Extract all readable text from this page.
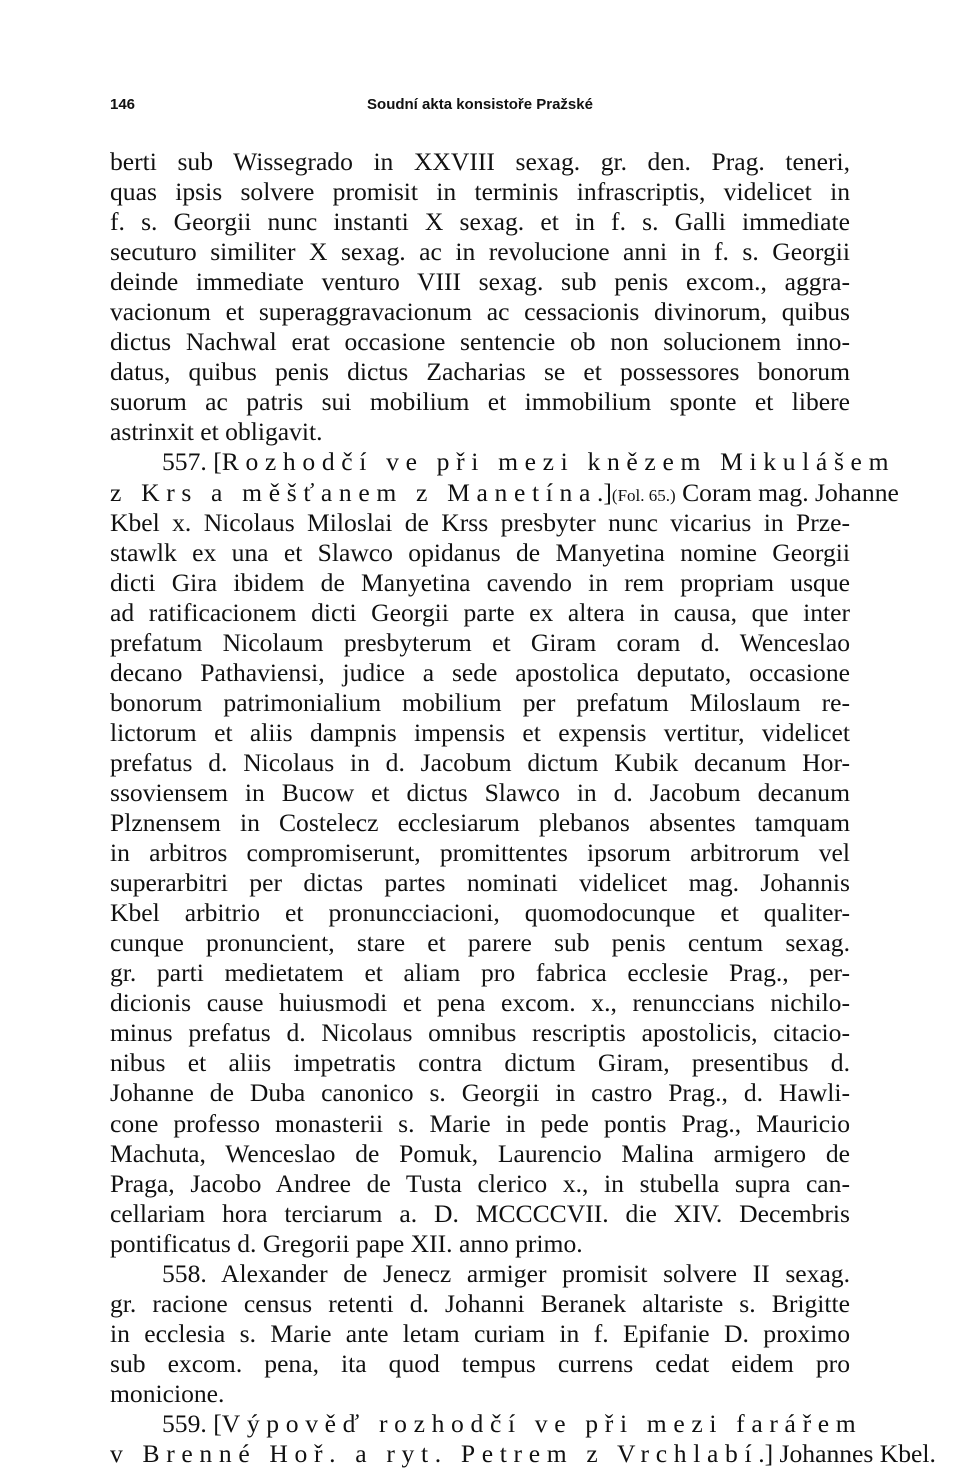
146	Soudní akta konsistoře Pražské
berti sub Wissegrado in XXVIII sexag. gr. den. Prag. teneri,
quas ipsis solvere promisit in terminis infrascriptis, videlicet in
f. s. Georgii nunc instanti X sexag. et in f. s. Galli immediate
secuturo similiter X sexag. ac in revolucione anni in f. s. Georgii
deinde immediate venturo VIII sexag. sub penis excom., aggra-
vacionum et superaggravacionum ac cessacionis divinorum, quibus
dictus Nachwal erat occasione sentencie ob non solucionem inno-
datus, quibus penis dictus Zacharias se et possessores bonorum
suorum ac patris sui mobilium et immobilium sponte et libere
astrinxit et obligavit.
557. [Rozhodčí ve při mezi knězem Mikulášem
z Krs a měšťanem z Manetína.](Fol. 65.) Coram mag. Johanne
Kbel x. Nicolaus Miloslai de Krss presbyter nunc vicarius in Prze-
stawlk ex una et Slawco opidanus de Manyetina nomine Georgii
dicti Gira ibidem de Manyetina cavendo in rem propriam usque
ad ratificacionem dicti Georgii parte ex altera in causa, que inter
prefatum Nicolaum presbyterum et Giram coram d. Wenceslao
decano Pathaviensi, judice a sede apostolica deputato, occasione
bonorum patrimonialium mobilium per prefatum Miloslaum re-
lictorum et aliis dampnis impensis et expensis vertitur, videlicet
prefatus d. Nicolaus in d. Jacobum dictum Kubik decanum Hor-
ssoviensem in Bucow et dictus Slawco in d. Jacobum decanum
Plznensem in Costelecz ecclesiarum plebanos absentes tamquam
in arbitros compromiserunt, promittentes ipsorum arbitrorum vel
superarbitri per dictas partes nominati videlicet mag. Johannis
Kbel arbitrio et pronuncciacioni, quomodocunque et qualiter-
cunque pronuncient, stare et parere sub penis centum sexag.
gr. parti medietatem et aliam pro fabrica ecclesie Prag., per-
dicionis cause huiusmodi et pena excom. x., renunccians nichilo-
minus prefatus d. Nicolaus omnibus rescriptis apostolicis, citacio-
nibus et aliis impetratis contra dictum Giram, presentibus d.
Johanne de Duba canonico s. Georgii in castro Prag., d. Hawli-
cone professo monasterii s. Marie in pede pontis Prag., Mauricio
Machuta, Wenceslao de Pomuk, Laurencio Malina armigero de
Praga, Jacobo Andree de Tusta clerico x., in stubella supra can-
cellariam hora terciarum a. D. MCCCCVII. die XIV. Decembris
pontificatus d. Gregorii pape XII. anno primo.
558. Alexander de Jenecz armiger promisit solvere II sexag.
gr. racione census retenti d. Johanni Beranek altariste s. Brigitte
in ecclesia s. Marie ante letam curiam in f. Epifanie D. proximo
sub excom. pena, ita quod tempus currens cedat eidem pro
monicione.
559. [Výpověď rozhodčí ve při mezi farářem
v Brenné Hoř. a ryt. Petrem z Vrchlabí.] Johannes Kbel.
